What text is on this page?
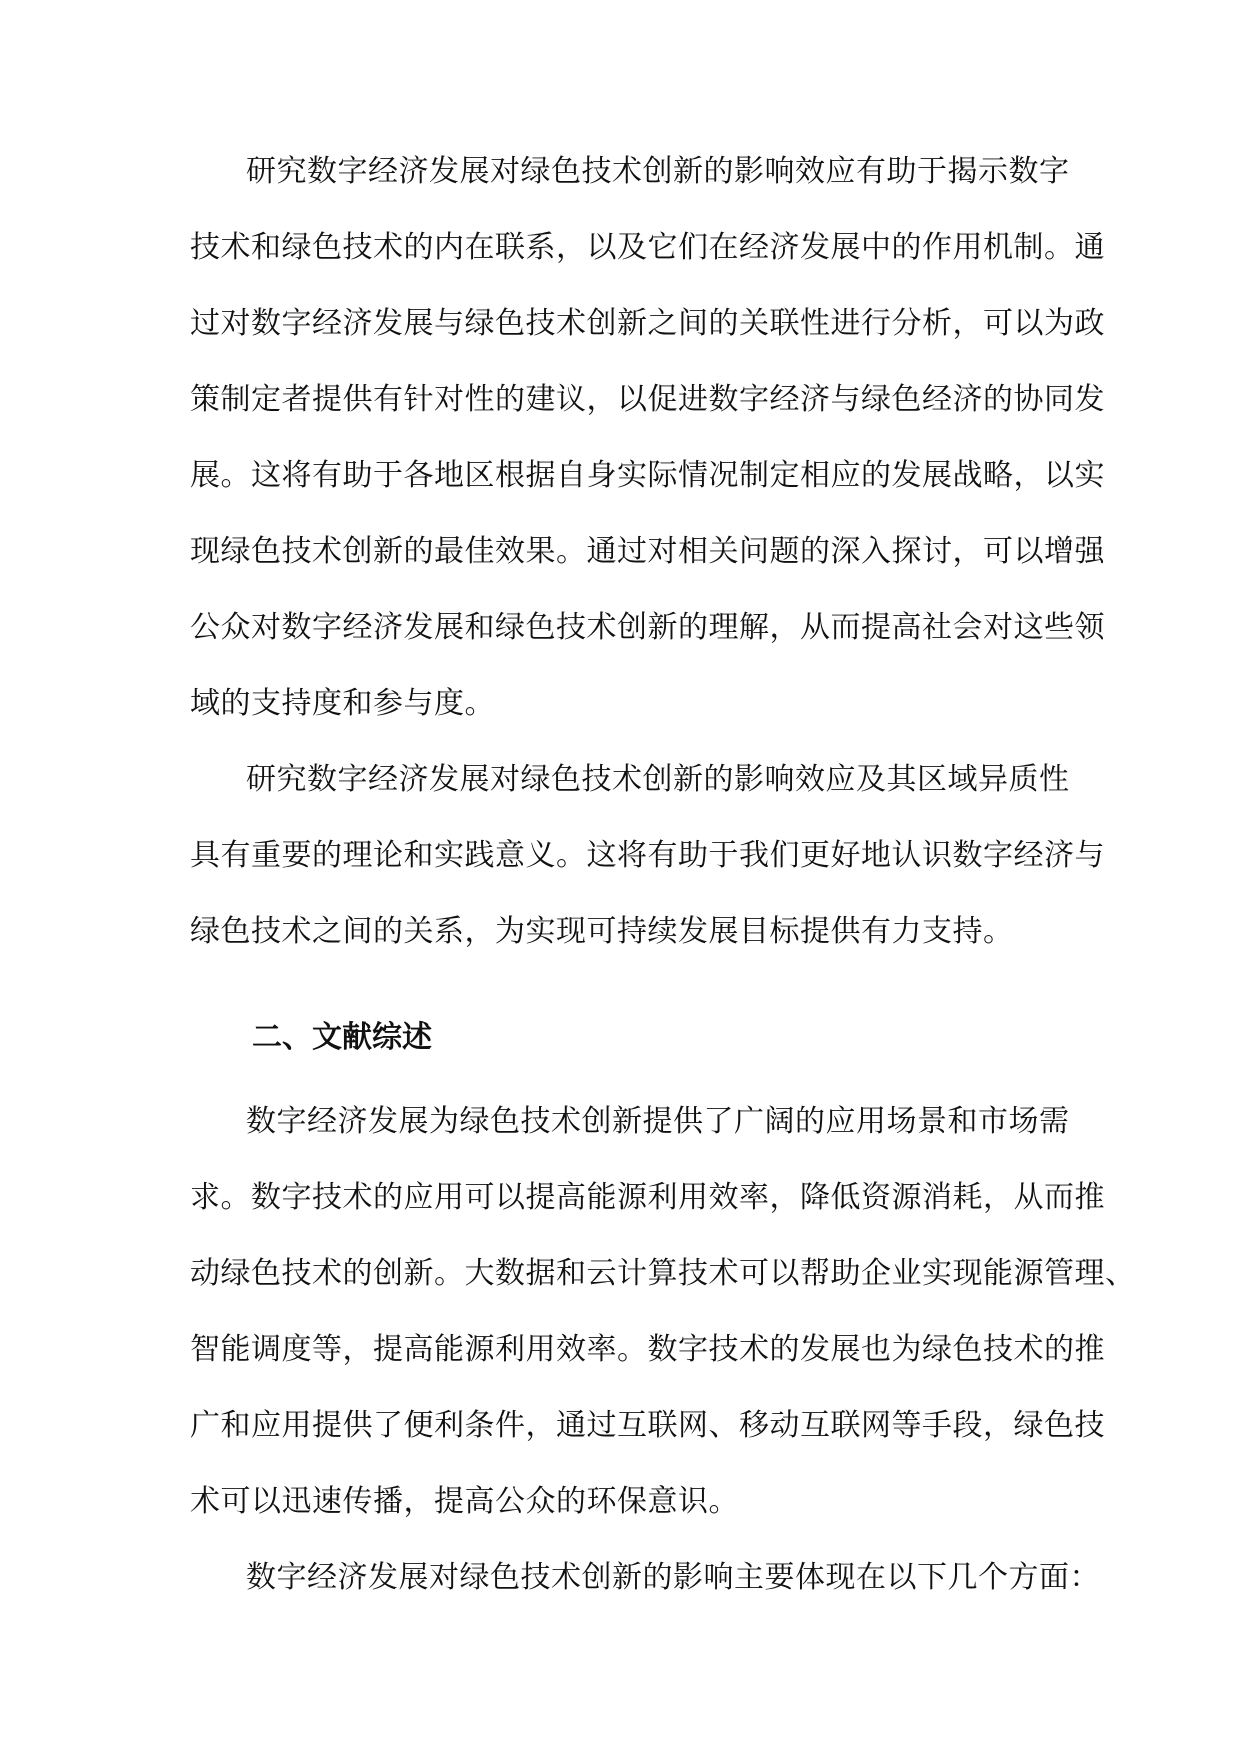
研究数字经济发展对绿色技术创新的影响效应有助于揭示数字
技术和绿色技术的内在联系，以及它们在经济发展中的作用机制。通
过对数字经济发展与绿色技术创新之间的关联性进行分析，可以为政
策制定者提供有针对性的建议，以促进数字经济与绿色经济的协同发
展。这将有助于各地区根据自身实际情况制定相应的发展战略，以实
现绿色技术创新的最佳效果。通过对相关问题的深入探讨，可以增强
公众对数字经济发展和绿色技术创新的理解，从而提高社会对这些领
域的支持度和参与度。
研究数字经济发展对绿色技术创新的影响效应及其区域异质性
具有重要的理论和实践意义。这将有助于我们更好地认识数字经济与
绿色技术之间的关系，为实现可持续发展目标提供有力支持。
二、文献综述
数字经济发展为绿色技术创新提供了广阔的应用场景和市场需
求。数字技术的应用可以提高能源利用效率，降低资源消耗，从而推
动绿色技术的创新。大数据和云计算技术可以帮助企业实现能源管理、
智能调度等，提高能源利用效率。数字技术的发展也为绿色技术的推
广和应用提供了便利条件，通过互联网、移动互联网等手段，绿色技
术可以迅速传播，提高公众的环保意识。
数字经济发展对绿色技术创新的影响主要体现在以下几个方面：
